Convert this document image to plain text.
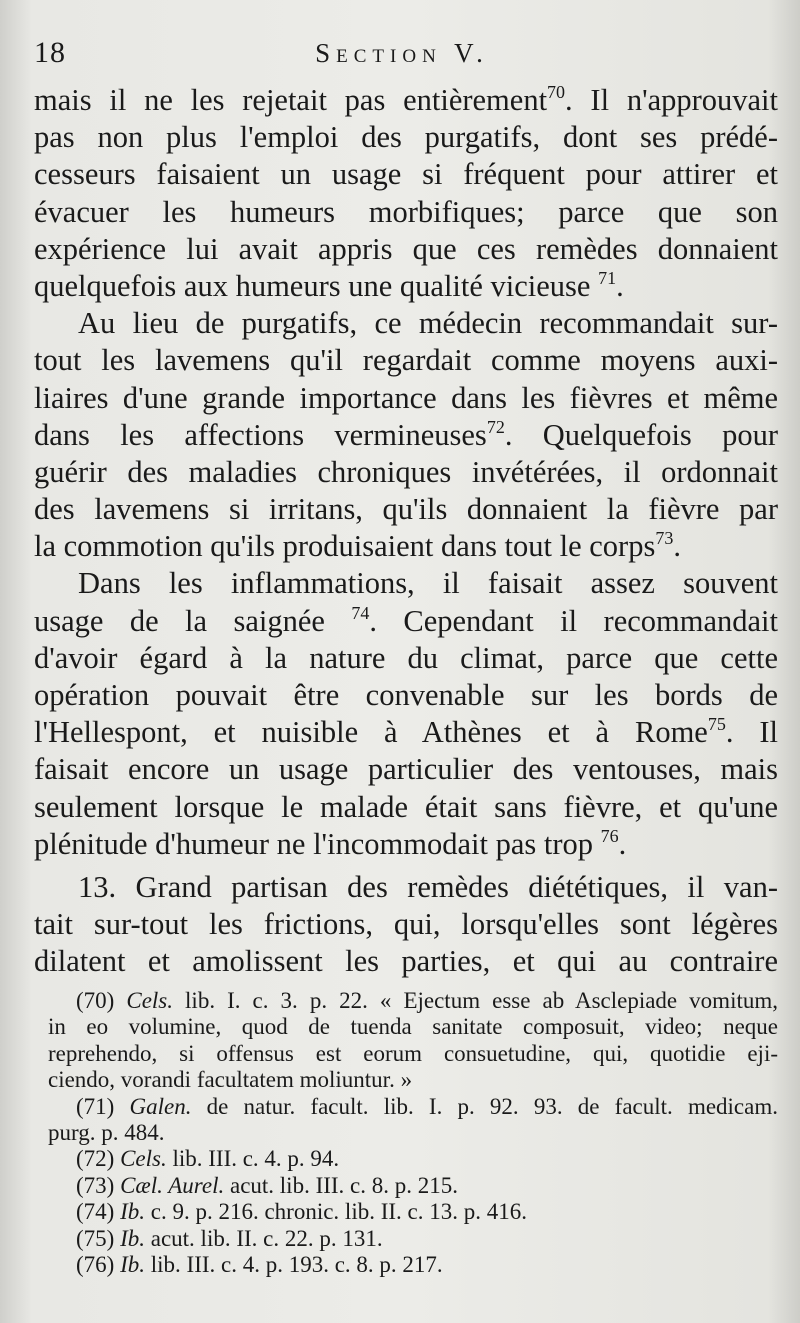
18	Section V.
mais il ne les rejetait pas entièrement$^{70}$. Il n'approuvait
pas non plus l'emploi des purgatifs, dont ses prédé-
cesseurs faisaient un usage si fréquent pour attirer et
évacuer les humeurs morbifiques; parce que son
expérience lui avait appris que ces remèdes donnaient
quelquefois aux humeurs une qualité vicieuse $^{71}$.
Au lieu de purgatifs, ce médecin recommandait sur-
tout les lavemens qu'il regardait comme moyens auxi-
liaires d'une grande importance dans les fièvres et même
dans les affections vermineuses$^{72}$. Quelquefois pour
guérir des maladies chroniques invétérées, il ordonnait
des lavemens si irritans, qu'ils donnaient la fièvre par
la commotion qu'ils produisaient dans tout le corps$^{73}$.
Dans les inflammations, il faisait assez souvent
usage de la saignée $^{74}$. Cependant il recommandait
d'avoir égard à la nature du climat, parce que cette
opération pouvait être convenable sur les bords de
l'Hellespont, et nuisible à Athènes et à Rome$^{75}$. Il
faisait encore un usage particulier des ventouses, mais
seulement lorsque le malade était sans fièvre, et qu'une
plénitude d'humeur ne l'incommodait pas trop $^{76}$.
13. Grand partisan des remèdes diététiques, il van-
tait sur-tout les frictions, qui, lorsqu'elles sont légères
dilatent et amolissent les parties, et qui au contraire
(70) Cels. lib. I. c. 3. p. 22. « Ejectum esse ab Asclepiade vomitum,
in eo volumine, quod de tuenda sanitate composuit, video; neque
reprehendo, si offensus est eorum consuetudine, qui, quotidie eji-
ciendo, vorandi facultatem moliuntur. »
(71) Galen. de natur. facult. lib. I. p. 92. 93. de facult. medicam.
purg. p. 484.
(72) Cels. lib. III. c. 4. p. 94.
(73) Cæl. Aurel. acut. lib. III. c. 8. p. 215.
(74) Ib. c. 9. p. 216. chronic. lib. II. c. 13. p. 416.
(75) Ib. acut. lib. II. c. 22. p. 131.
(76) Ib. lib. III. c. 4. p. 193. c. 8. p. 217.
